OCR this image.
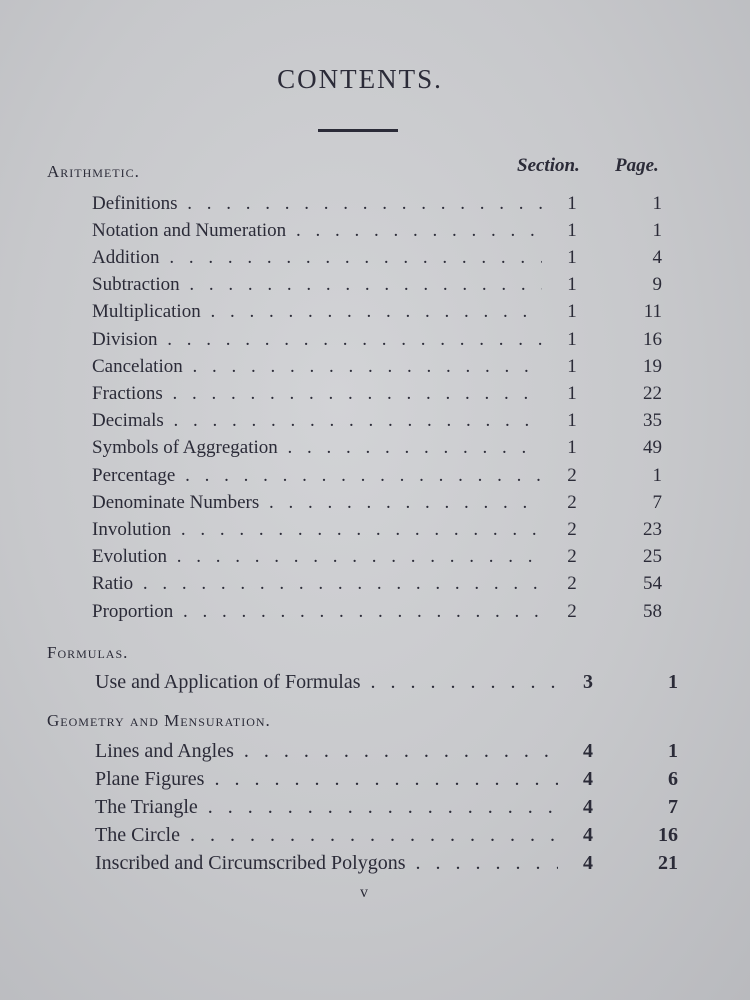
CONTENTS.
Section. Page.
Arithmetic.
Definitions . . .	1	1
Notation and Numeration . . .	1	1
Addition . . .	1	4
Subtraction . . .	1	9
Multiplication . . .	1	11
Division . . .	1	16
Cancelation . . .	1	19
Fractions . . .	1	22
Decimals . . .	1	35
Symbols of Aggregation . . .	1	49
Percentage . . .	2	1
Denominate Numbers . . .	2	7
Involution . . .	2	23
Evolution . . .	2	25
Ratio . . .	2	54
Proportion . . .	2	58
Formulas.
Use and Application of Formulas . . .	3	1
Geometry and Mensuration.
Lines and Angles . . .	4	1
Plane Figures . . .	4	6
The Triangle . . .	4	7
The Circle . . .	4	16
Inscribed and Circumscribed Polygons . . .	4	21
v
